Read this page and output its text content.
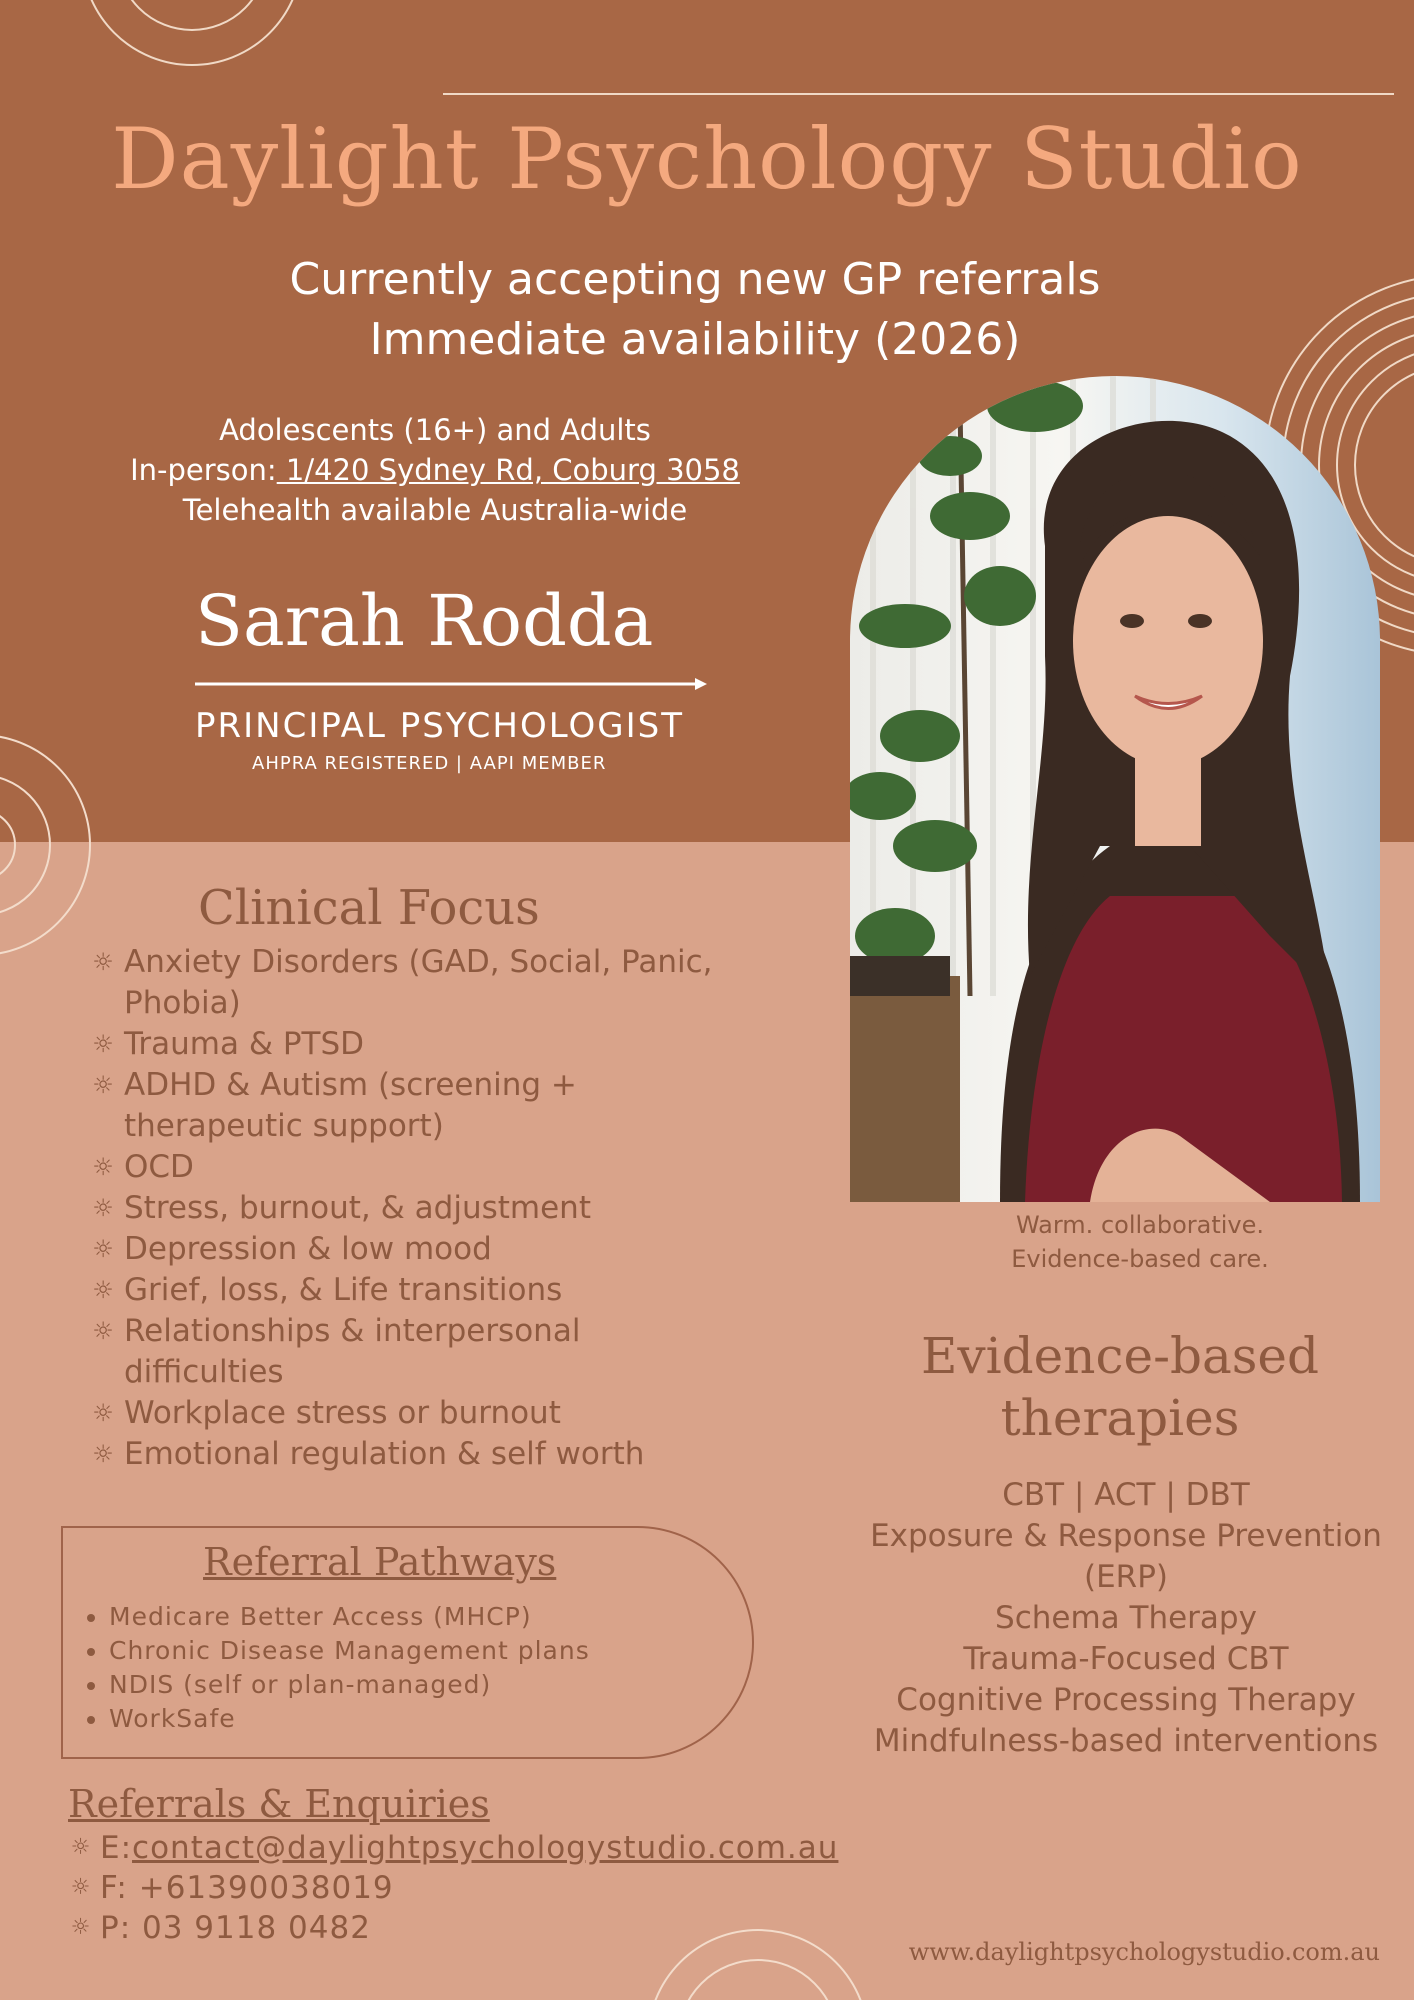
Daylight Psychology Studio
Currently accepting new GP referrals
Immediate availability (2026)
Adolescents (16+) and Adults
In-person: 1/420 Sydney Rd, Coburg 3058
Telehealth available Australia-wide
Sarah Rodda
PRINCIPAL PSYCHOLOGIST
AHPRA REGISTERED | AAPI MEMBER
Warm. collaborative.
Evidence-based care.
Clinical Focus
☼ Anxiety Disorders (GAD, Social, Panic,
Phobia)
☼ Trauma & PTSD
☼ ADHD & Autism (screening +
therapeutic support)
☼ OCD
☼ Stress, burnout, & adjustment
☼ Depression & low mood
☼ Grief, loss, & Life transitions
☼ Relationships & interpersonal
difficulties
☼ Workplace stress or burnout
☼ Emotional regulation & self worth
Evidence-based
therapies
CBT | ACT | DBT
Exposure & Response Prevention
(ERP)
Schema Therapy
Trauma-Focused CBT
Cognitive Processing Therapy
Mindfulness-based interventions
Referral Pathways
• Medicare Better Access (MHCP)
• Chronic Disease Management plans
• NDIS (self or plan-managed)
• WorkSafe
Referrals & Enquiries
☼ E: contact@daylightpsychologystudio.com.au
☼ F: +61390038019
☼ P: 03 9118 0482
www.daylightpsychologystudio.com.au
